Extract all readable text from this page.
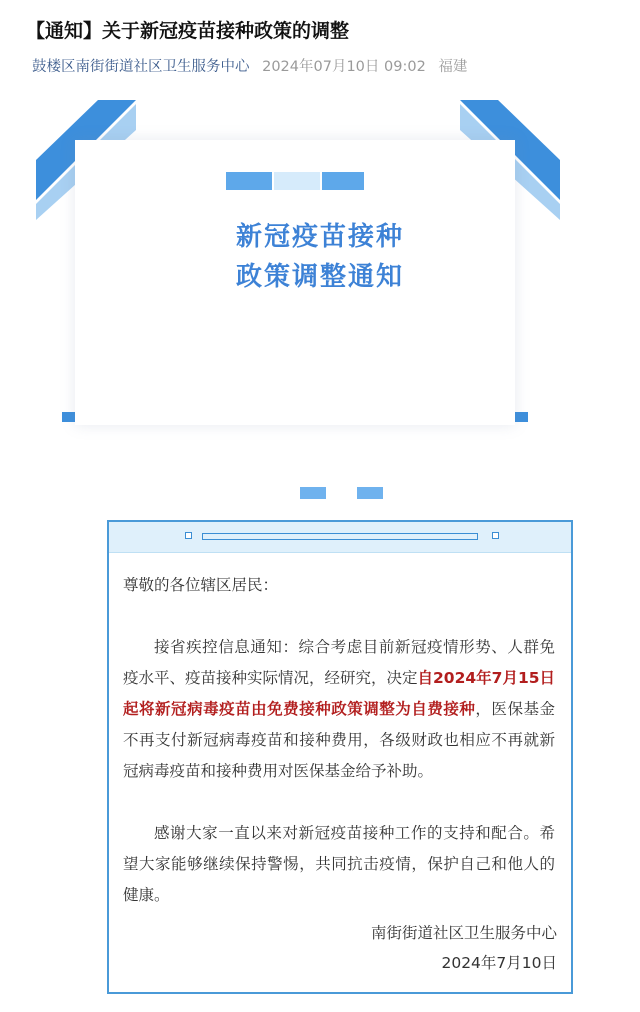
【通知】关于新冠疫苗接种政策的调整
鼓楼区南街街道社区卫生服务中心 2024年07月10日 09:02 福建
新冠疫苗接种
政策调整通知

尊敬的各位辖区居民：

接省疾控信息通知：综合考虑目前新冠疫情形势、人群免疫水平、疫苗接种实际情况，经研究，决定自2024年7月15日起将新冠病毒疫苗由免费接种政策调整为自费接种，医保基金不再支付新冠病毒疫苗和接种费用，各级财政也相应不再就新冠病毒疫苗和接种费用对医保基金给予补助。

感谢大家一直以来对新冠疫苗接种工作的支持和配合。希望大家能够继续保持警惕，共同抗击疫情，保护自己和他人的健康。

南街街道社区卫生服务中心
2024年7月10日
